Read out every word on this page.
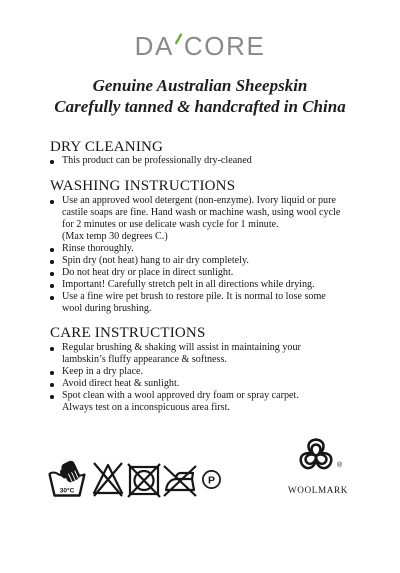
DA CORE
Genuine Australian Sheepskin
Carefully tanned & handcrafted in China
DRY CLEANING
This product can be professionally dry-cleaned
WASHING INSTRUCTIONS
Use an approved wool detergent (non-enzyme). Ivory liquid or pure
castile soaps are fine. Hand wash or machine wash, using wool cycle
for 2 minutes or use delicate wash cycle for 1 minute.
(Max temp 30 degrees C.)
Rinse thoroughly.
Spin dry (not heat) hang to air dry completely.
Do not heat dry or place in direct sunlight.
Important! Carefully stretch pelt in all directions while drying.
Use a fine wire pet brush to restore pile. It is normal to lose some
wool during brushing.
CARE INSTRUCTIONS
Regular brushing & shaking will assist in maintaining your
lambskin’s fluffy appearance & softness.
Keep in a dry place.
Avoid direct heat & sunlight.
Spot clean with a wool approved dry foam or spray carpet.
Always test on a inconspicuous area first.
30°C
P
®
WOOLMARK
